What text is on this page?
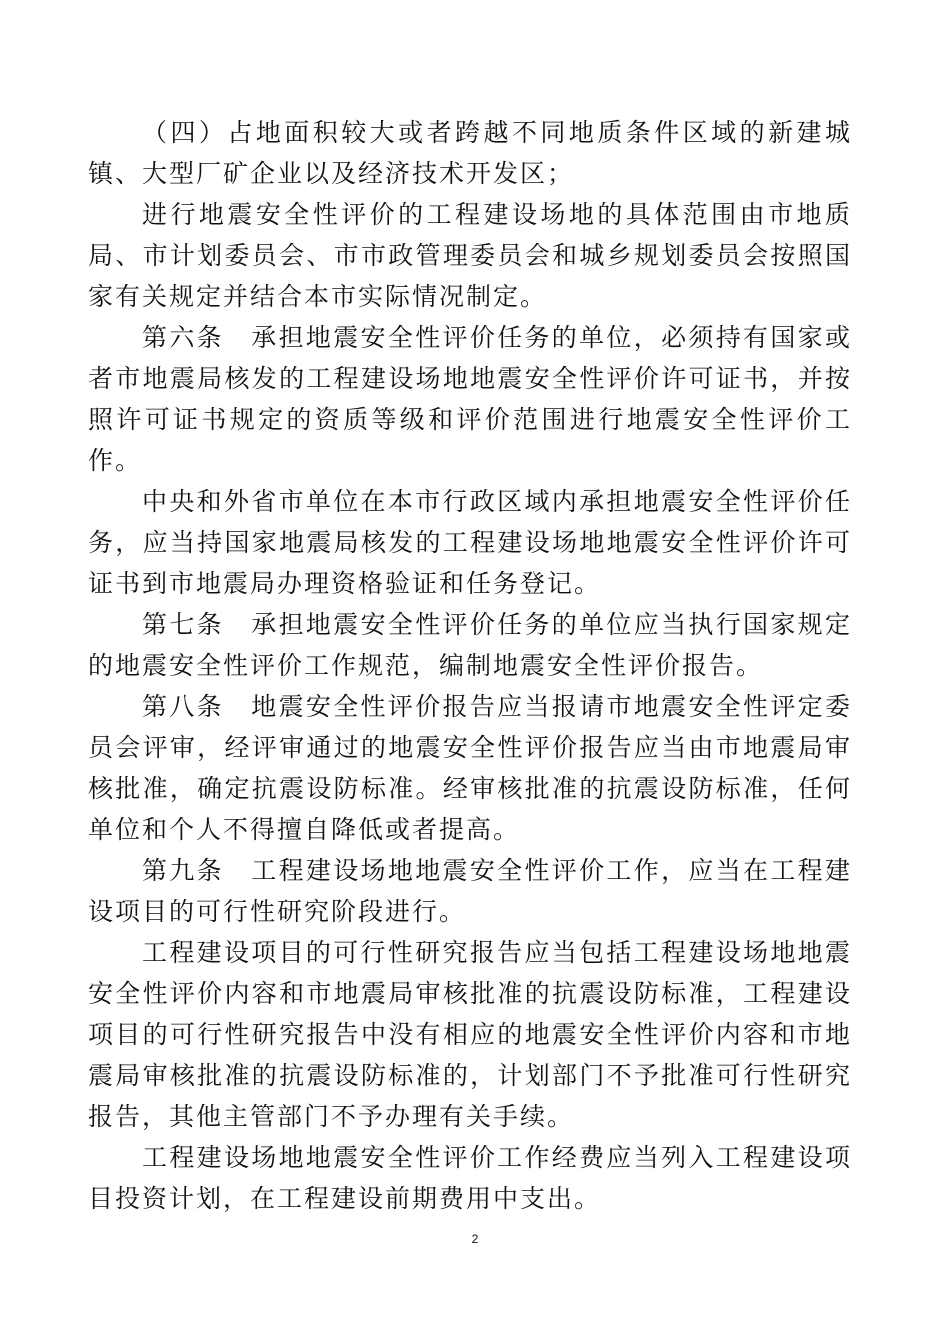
（四）占地面积较大或者跨越不同地质条件区域的新建城镇、大型厂矿企业以及经济技术开发区；

进行地震安全性评价的工程建设场地的具体范围由市地质局、市计划委员会、市市政管理委员会和城乡规划委员会按照国家有关规定并结合本市实际情况制定。

第六条　承担地震安全性评价任务的单位，必须持有国家或者市地震局核发的工程建设场地地震安全性评价许可证书，并按照许可证书规定的资质等级和评价范围进行地震安全性评价工作。

中央和外省市单位在本市行政区域内承担地震安全性评价任务，应当持国家地震局核发的工程建设场地地震安全性评价许可证书到市地震局办理资格验证和任务登记。

第七条　承担地震安全性评价任务的单位应当执行国家规定的地震安全性评价工作规范，编制地震安全性评价报告。

第八条　地震安全性评价报告应当报请市地震安全性评定委员会评审，经评审通过的地震安全性评价报告应当由市地震局审核批准，确定抗震设防标准。经审核批准的抗震设防标准，任何单位和个人不得擅自降低或者提高。

第九条　工程建设场地地震安全性评价工作，应当在工程建设项目的可行性研究阶段进行。

工程建设项目的可行性研究报告应当包括工程建设场地地震安全性评价内容和市地震局审核批准的抗震设防标准，工程建设项目的可行性研究报告中没有相应的地震安全性评价内容和市地震局审核批准的抗震设防标准的，计划部门不予批准可行性研究报告，其他主管部门不予办理有关手续。

工程建设场地地震安全性评价工作经费应当列入工程建设项目投资计划，在工程建设前期费用中支出。

2
